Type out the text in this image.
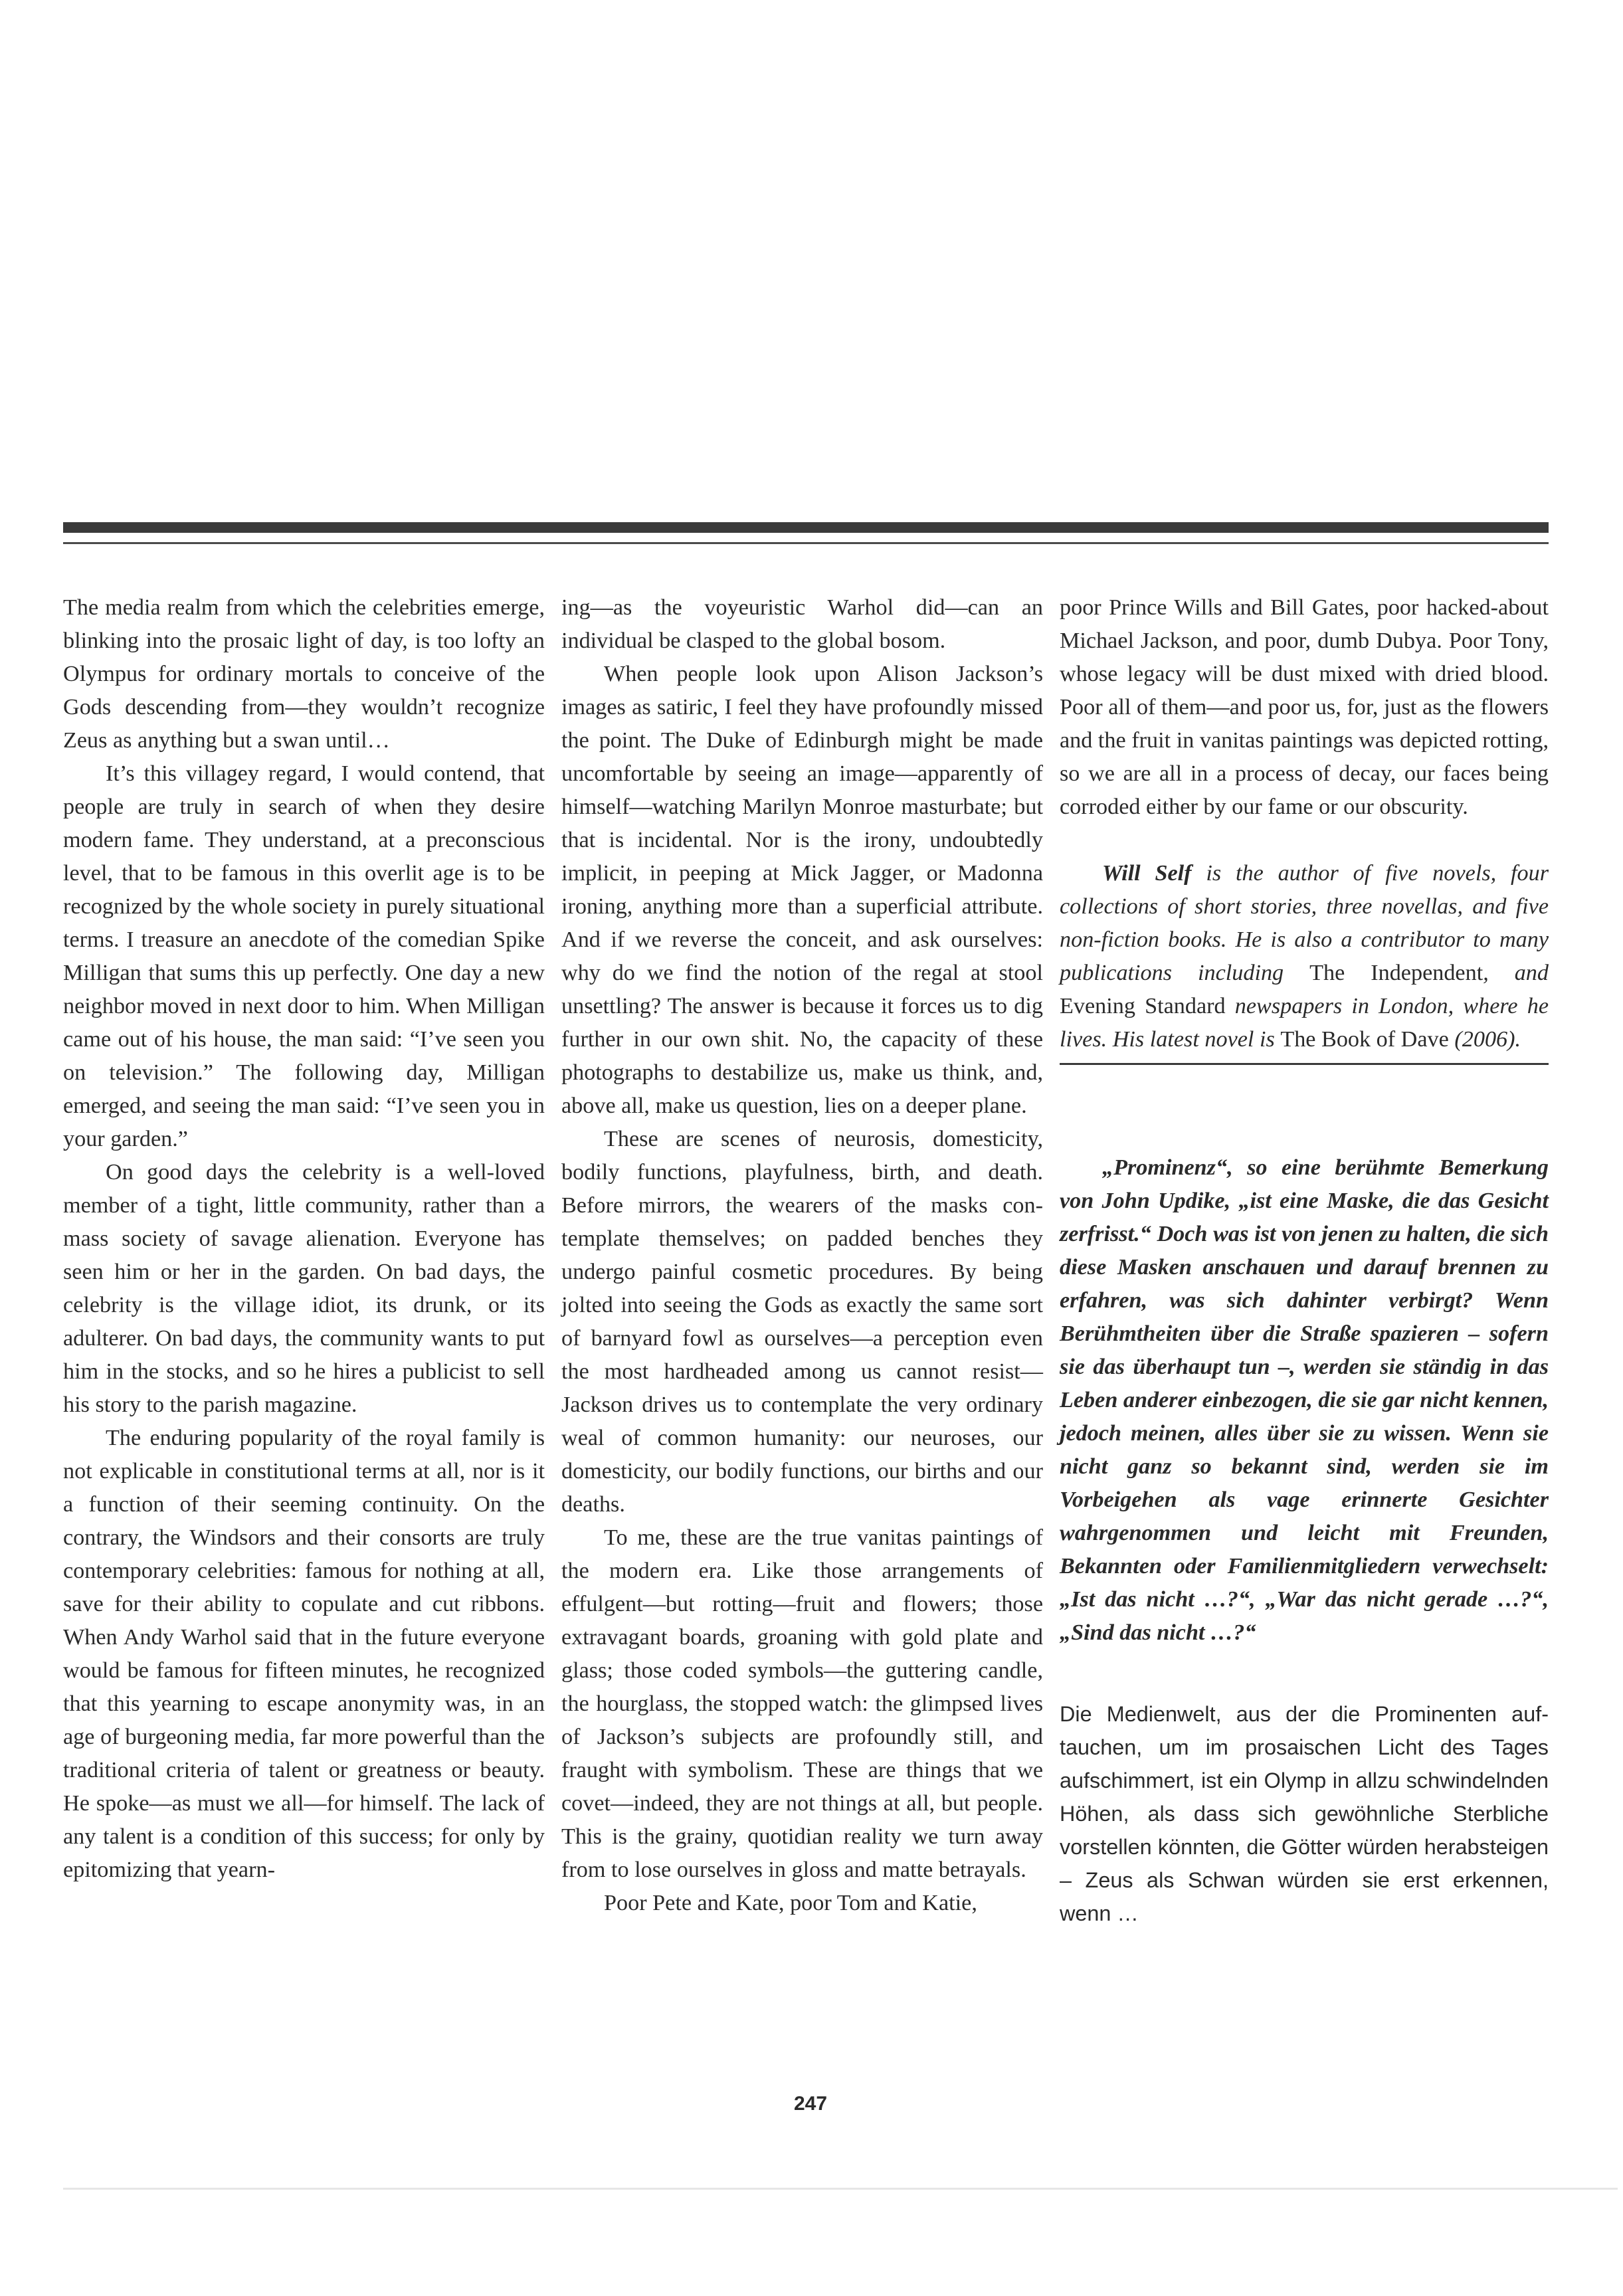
The media realm from which the celebrities emerge, blinking into the prosaic light of day, is too lofty an Olympus for ordinary mortals to conceive of the Gods descending from—they wouldn’t recognize Zeus as anything but a swan until…

It’s this villagey regard, I would contend, that people are truly in search of when they desire modern fame. They understand, at a preconscious level, that to be famous in this overlit age is to be recognized by the whole society in purely situational terms. I treasure an anecdote of the comedian Spike Milligan that sums this up perfectly. One day a new neighbor moved in next door to him. When Milligan came out of his house, the man said: “I’ve seen you on television.” The following day, Milligan emerged, and seeing the man said: “I’ve seen you in your garden.”

On good days the celebrity is a well-loved member of a tight, little community, rather than a mass society of savage alienation. Everyone has seen him or her in the garden. On bad days, the celebrity is the village idiot, its drunk, or its adulterer. On bad days, the community wants to put him in the stocks, and so he hires a publicist to sell his story to the parish magazine.

The enduring popularity of the royal family is not explicable in constitutional terms at all, nor is it a function of their seeming continuity. On the contrary, the Windsors and their consorts are truly contemporary celebrities: famous for nothing at all, save for their ability to copulate and cut ribbons. When Andy Warhol said that in the future everyone would be famous for fifteen minutes, he recognized that this yearning to escape anonymity was, in an age of burgeoning media, far more powerful than the traditional criteria of talent or greatness or beauty. He spoke—as must we all—for himself. The lack of any talent is a condition of this success; for only by epitomizing that yearn-

ing—as the voyeuristic Warhol did—can an individual be clasped to the global bosom.

When people look upon Alison Jackson’s images as satiric, I feel they have profoundly missed the point. The Duke of Edinburgh might be made uncomfortable by seeing an image—apparently of himself—watching Marilyn Monroe masturbate; but that is incidental. Nor is the irony, undoubtedly implicit, in peeping at Mick Jagger, or Madonna ironing, anything more than a superficial attribute. And if we reverse the conceit, and ask ourselves: why do we find the notion of the regal at stool unsettling? The answer is because it forces us to dig further in our own shit. No, the capacity of these photographs to destabilize us, make us think, and, above all, make us question, lies on a deeper plane.

These are scenes of neurosis, domesticity, bodily functions, playfulness, birth, and death. Before mirrors, the wearers of the masks contemplate themselves; on padded benches they undergo painful cosmetic procedures. By being jolted into seeing the Gods as exactly the same sort of barnyard fowl as ourselves—a perception even the most hardheaded among us cannot resist—Jackson drives us to contemplate the very ordinary weal of common humanity: our neuroses, our domesticity, our bodily functions, our births and our deaths.

To me, these are the true vanitas paintings of the modern era. Like those arrangements of effulgent—but rotting—fruit and flowers; those extravagant boards, groaning with gold plate and glass; those coded symbols—the guttering candle, the hourglass, the stopped watch: the glimpsed lives of Jackson’s subjects are profoundly still, and fraught with symbolism. These are things that we covet—indeed, they are not things at all, but people. This is the grainy, quotidian reality we turn away from to lose ourselves in gloss and matte betrayals.

Poor Pete and Kate, poor Tom and Katie,

poor Prince Wills and Bill Gates, poor hacked-about Michael Jackson, and poor, dumb Dubya. Poor Tony, whose legacy will be dust mixed with dried blood. Poor all of them—and poor us, for, just as the flowers and the fruit in vanitas paintings was depicted rotting, so we are all in a process of decay, our faces being corroded either by our fame or our obscurity.

Will Self is the author of five novels, four collections of short stories, three novellas, and five non-fiction books. He is also a contributor to many publications including The Independent, and Evening Standard newspapers in London, where he lives. His latest novel is The Book of Dave (2006).

„Prominenz“, so eine berühmte Bemerkung von John Updike, „ist eine Maske, die das Gesicht zerfrisst.“ Doch was ist von jenen zu halten, die sich diese Masken anschauen und darauf brennen zu erfahren, was sich dahinter verbirgt? Wenn Berühmtheiten über die Straße spazieren – sofern sie das überhaupt tun –, werden sie ständig in das Leben anderer einbezogen, die sie gar nicht kennen, jedoch meinen, alles über sie zu wissen. Wenn sie nicht ganz so bekannt sind, werden sie im Vorbeigehen als vage erinnerte Gesichter wahrgenommen und leicht mit Freunden, Bekannten oder Familienmitgliedern verwechselt: „Ist das nicht …?“, „War das nicht gerade …?“, „Sind das nicht …?“

Die Medienwelt, aus der die Prominenten auftauchen, um im prosaischen Licht des Tages aufschimmert, ist ein Olymp in allzu schwindelnden Höhen, als dass sich gewöhnliche Sterbliche vorstellen könnten, die Götter würden herabsteigen – Zeus als Schwan würden sie erst erkennen, wenn …

247
